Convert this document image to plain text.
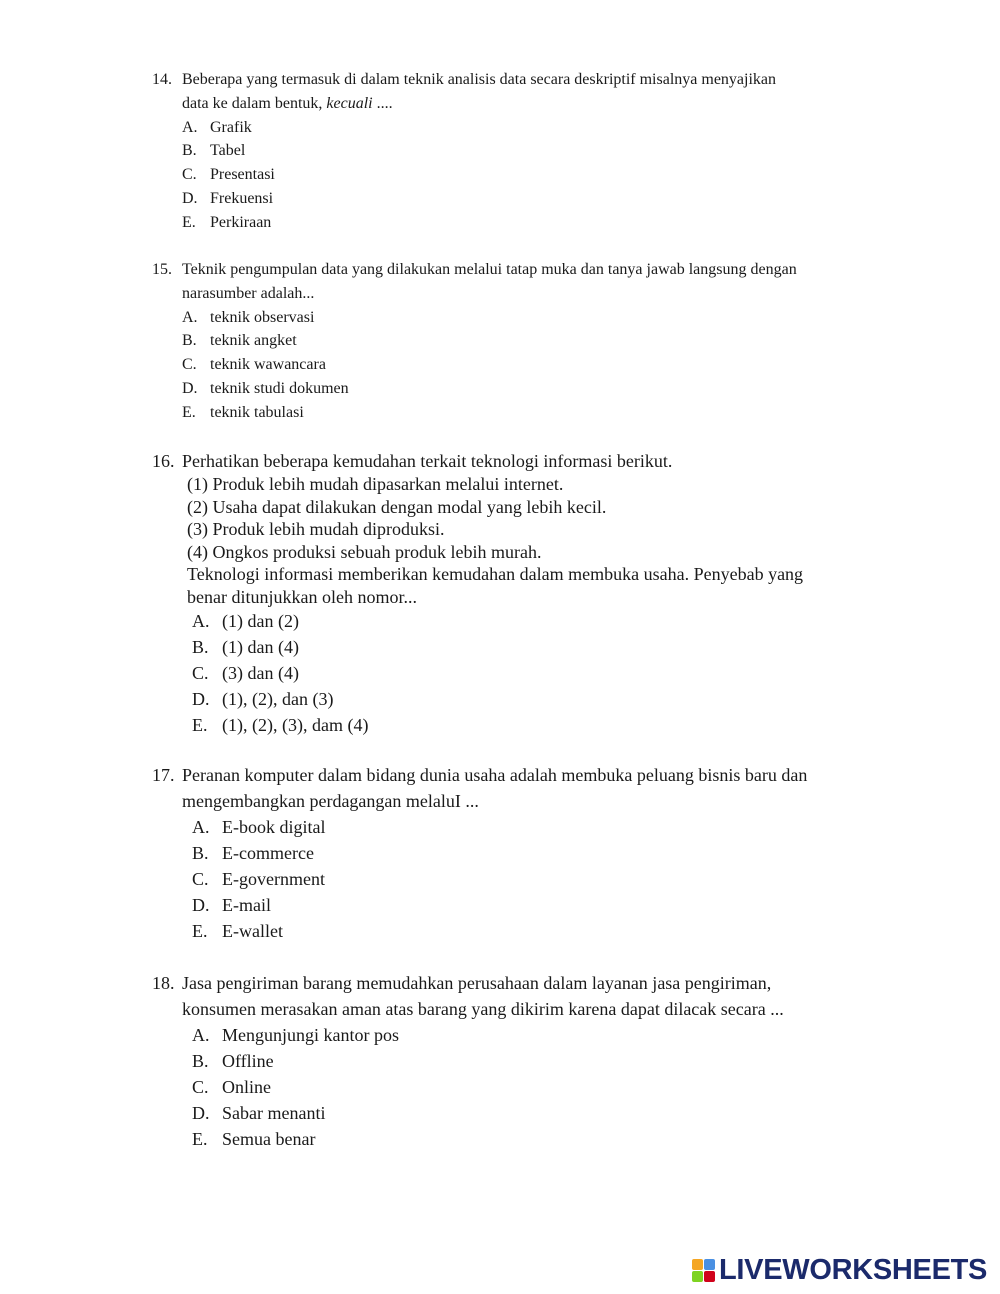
14. Beberapa yang termasuk di dalam teknik analisis data secara deskriptif misalnya menyajikan
data ke dalam bentuk, kecuali ....
A. Grafik
B. Tabel
C. Presentasi
D. Frekuensi
E. Perkiraan
15. Teknik pengumpulan data yang dilakukan melalui tatap muka dan tanya jawab langsung dengan
narasumber adalah...
A. teknik observasi
B. teknik angket
C. teknik wawancara
D. teknik studi dokumen
E. teknik tabulasi
16. Perhatikan beberapa kemudahan terkait teknologi informasi berikut.
(1) Produk lebih mudah dipasarkan melalui internet.
(2) Usaha dapat dilakukan dengan modal yang lebih kecil.
(3) Produk lebih mudah diproduksi.
(4) Ongkos produksi sebuah produk lebih murah.
Teknologi informasi memberikan kemudahan dalam membuka usaha. Penyebab yang
benar ditunjukkan oleh nomor...
A. (1) dan (2)
B. (1) dan (4)
C. (3) dan (4)
D. (1), (2), dan (3)
E. (1), (2), (3), dam (4)
17. Peranan komputer dalam bidang dunia usaha adalah membuka peluang bisnis baru dan
mengembangkan perdagangan melaluI ...
A. E-book digital
B. E-commerce
C. E-government
D. E-mail
E. E-wallet
18. Jasa pengiriman barang memudahkan perusahaan dalam layanan jasa pengiriman,
konsumen merasakan aman atas barang yang dikirim karena dapat dilacak secara ...
A. Mengunjungi kantor pos
B. Offline
C. Online
D. Sabar menanti
E. Semua benar
LIVEWORKSHEETS
